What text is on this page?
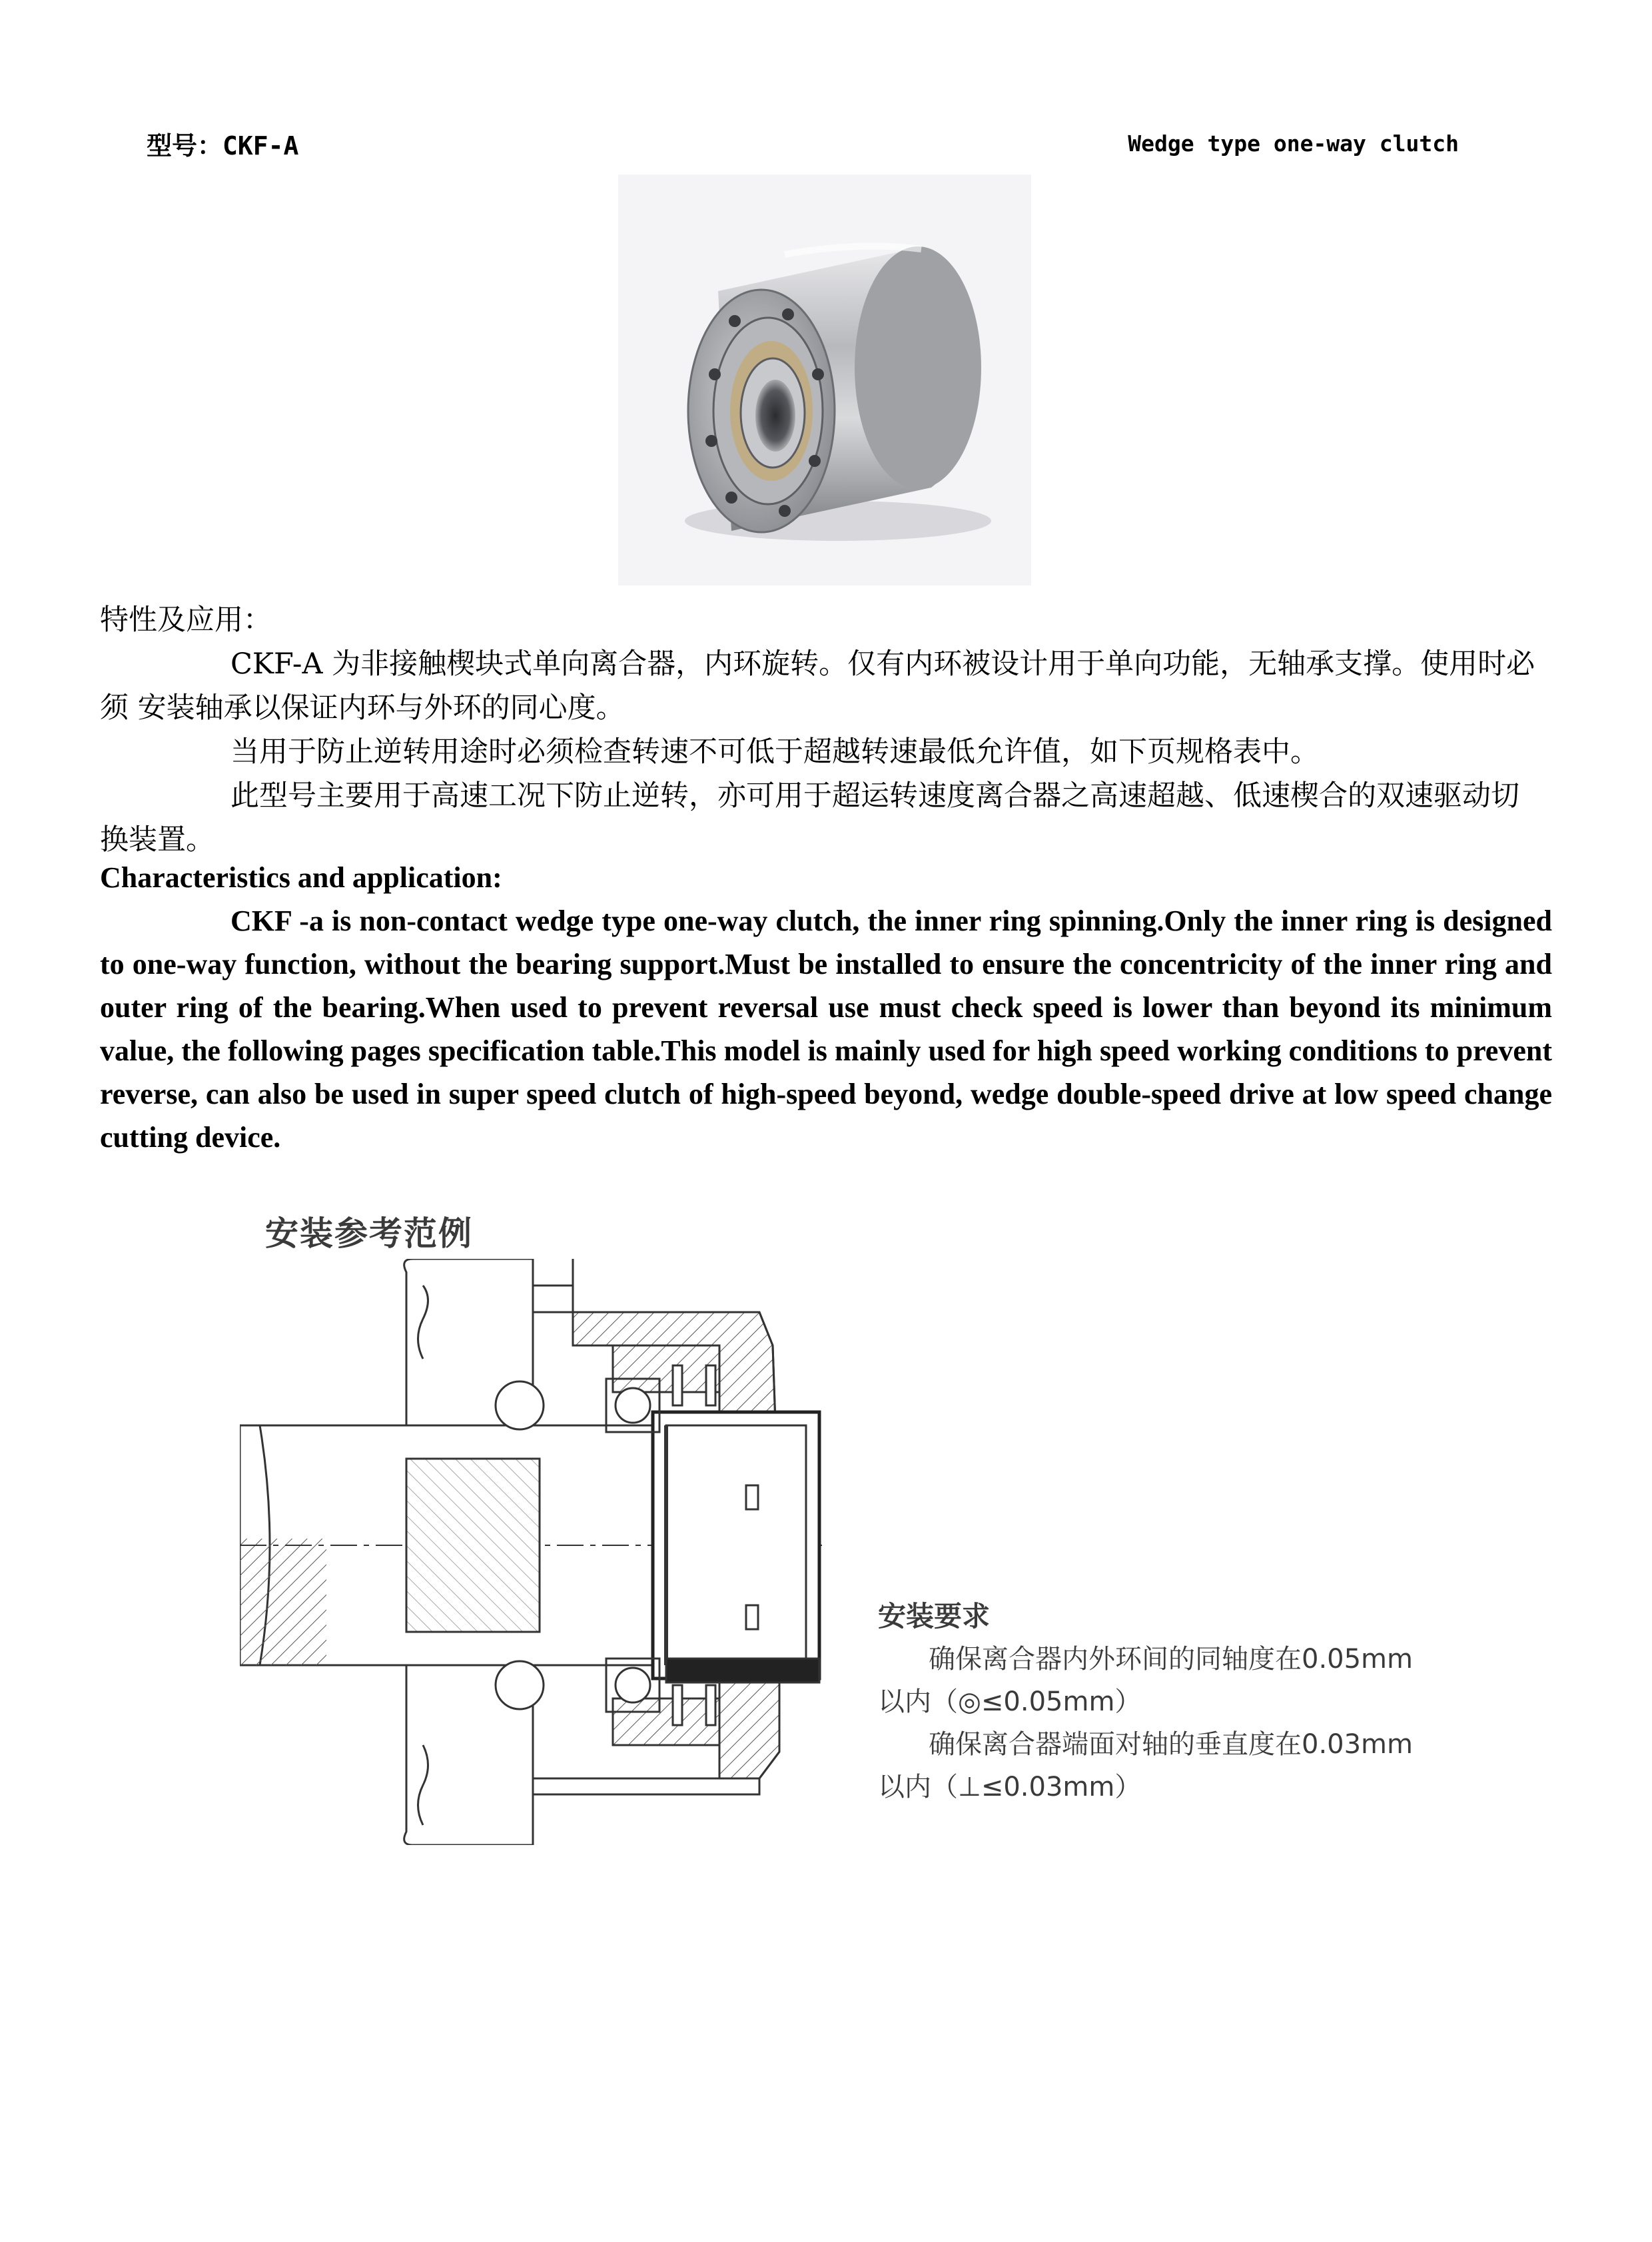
型号：CKF-A	Wedge type one-way clutch

特性及应用：

CKF-A 为非接触楔块式单向离合器，内环旋转。仅有内环被设计用于单向功能，无轴承支撑。使用时必须 安装轴承以保证内环与外环的同心度。

当用于防止逆转用途时必须检查转速不可低于超越转速最低允许值，如下页规格表中。

此型号主要用于高速工况下防止逆转，亦可用于超运转速度离合器之高速超越、低速楔合的双速驱动切 换装置。

Characteristics and application:

CKF -a is non-contact wedge type one-way clutch, the inner ring spinning.Only the inner ring is designed to one-way function, without the bearing support.Must be installed to ensure the concentricity of the inner ring and outer ring of the bearing.When used to prevent reversal use must check speed is lower than beyond its minimum value, the following pages specification table.This model is mainly used for high speed working conditions to prevent reverse, can also be used in super speed clutch of high-speed beyond, wedge double-speed drive at low speed change cutting device.

安装参考范例
安装要求
确保离合器内外环间的同轴度在0.05mm
以内（◎≤0.05mm）
确保离合器端面对轴的垂直度在0.03mm
以内（⊥≤0.03mm）
